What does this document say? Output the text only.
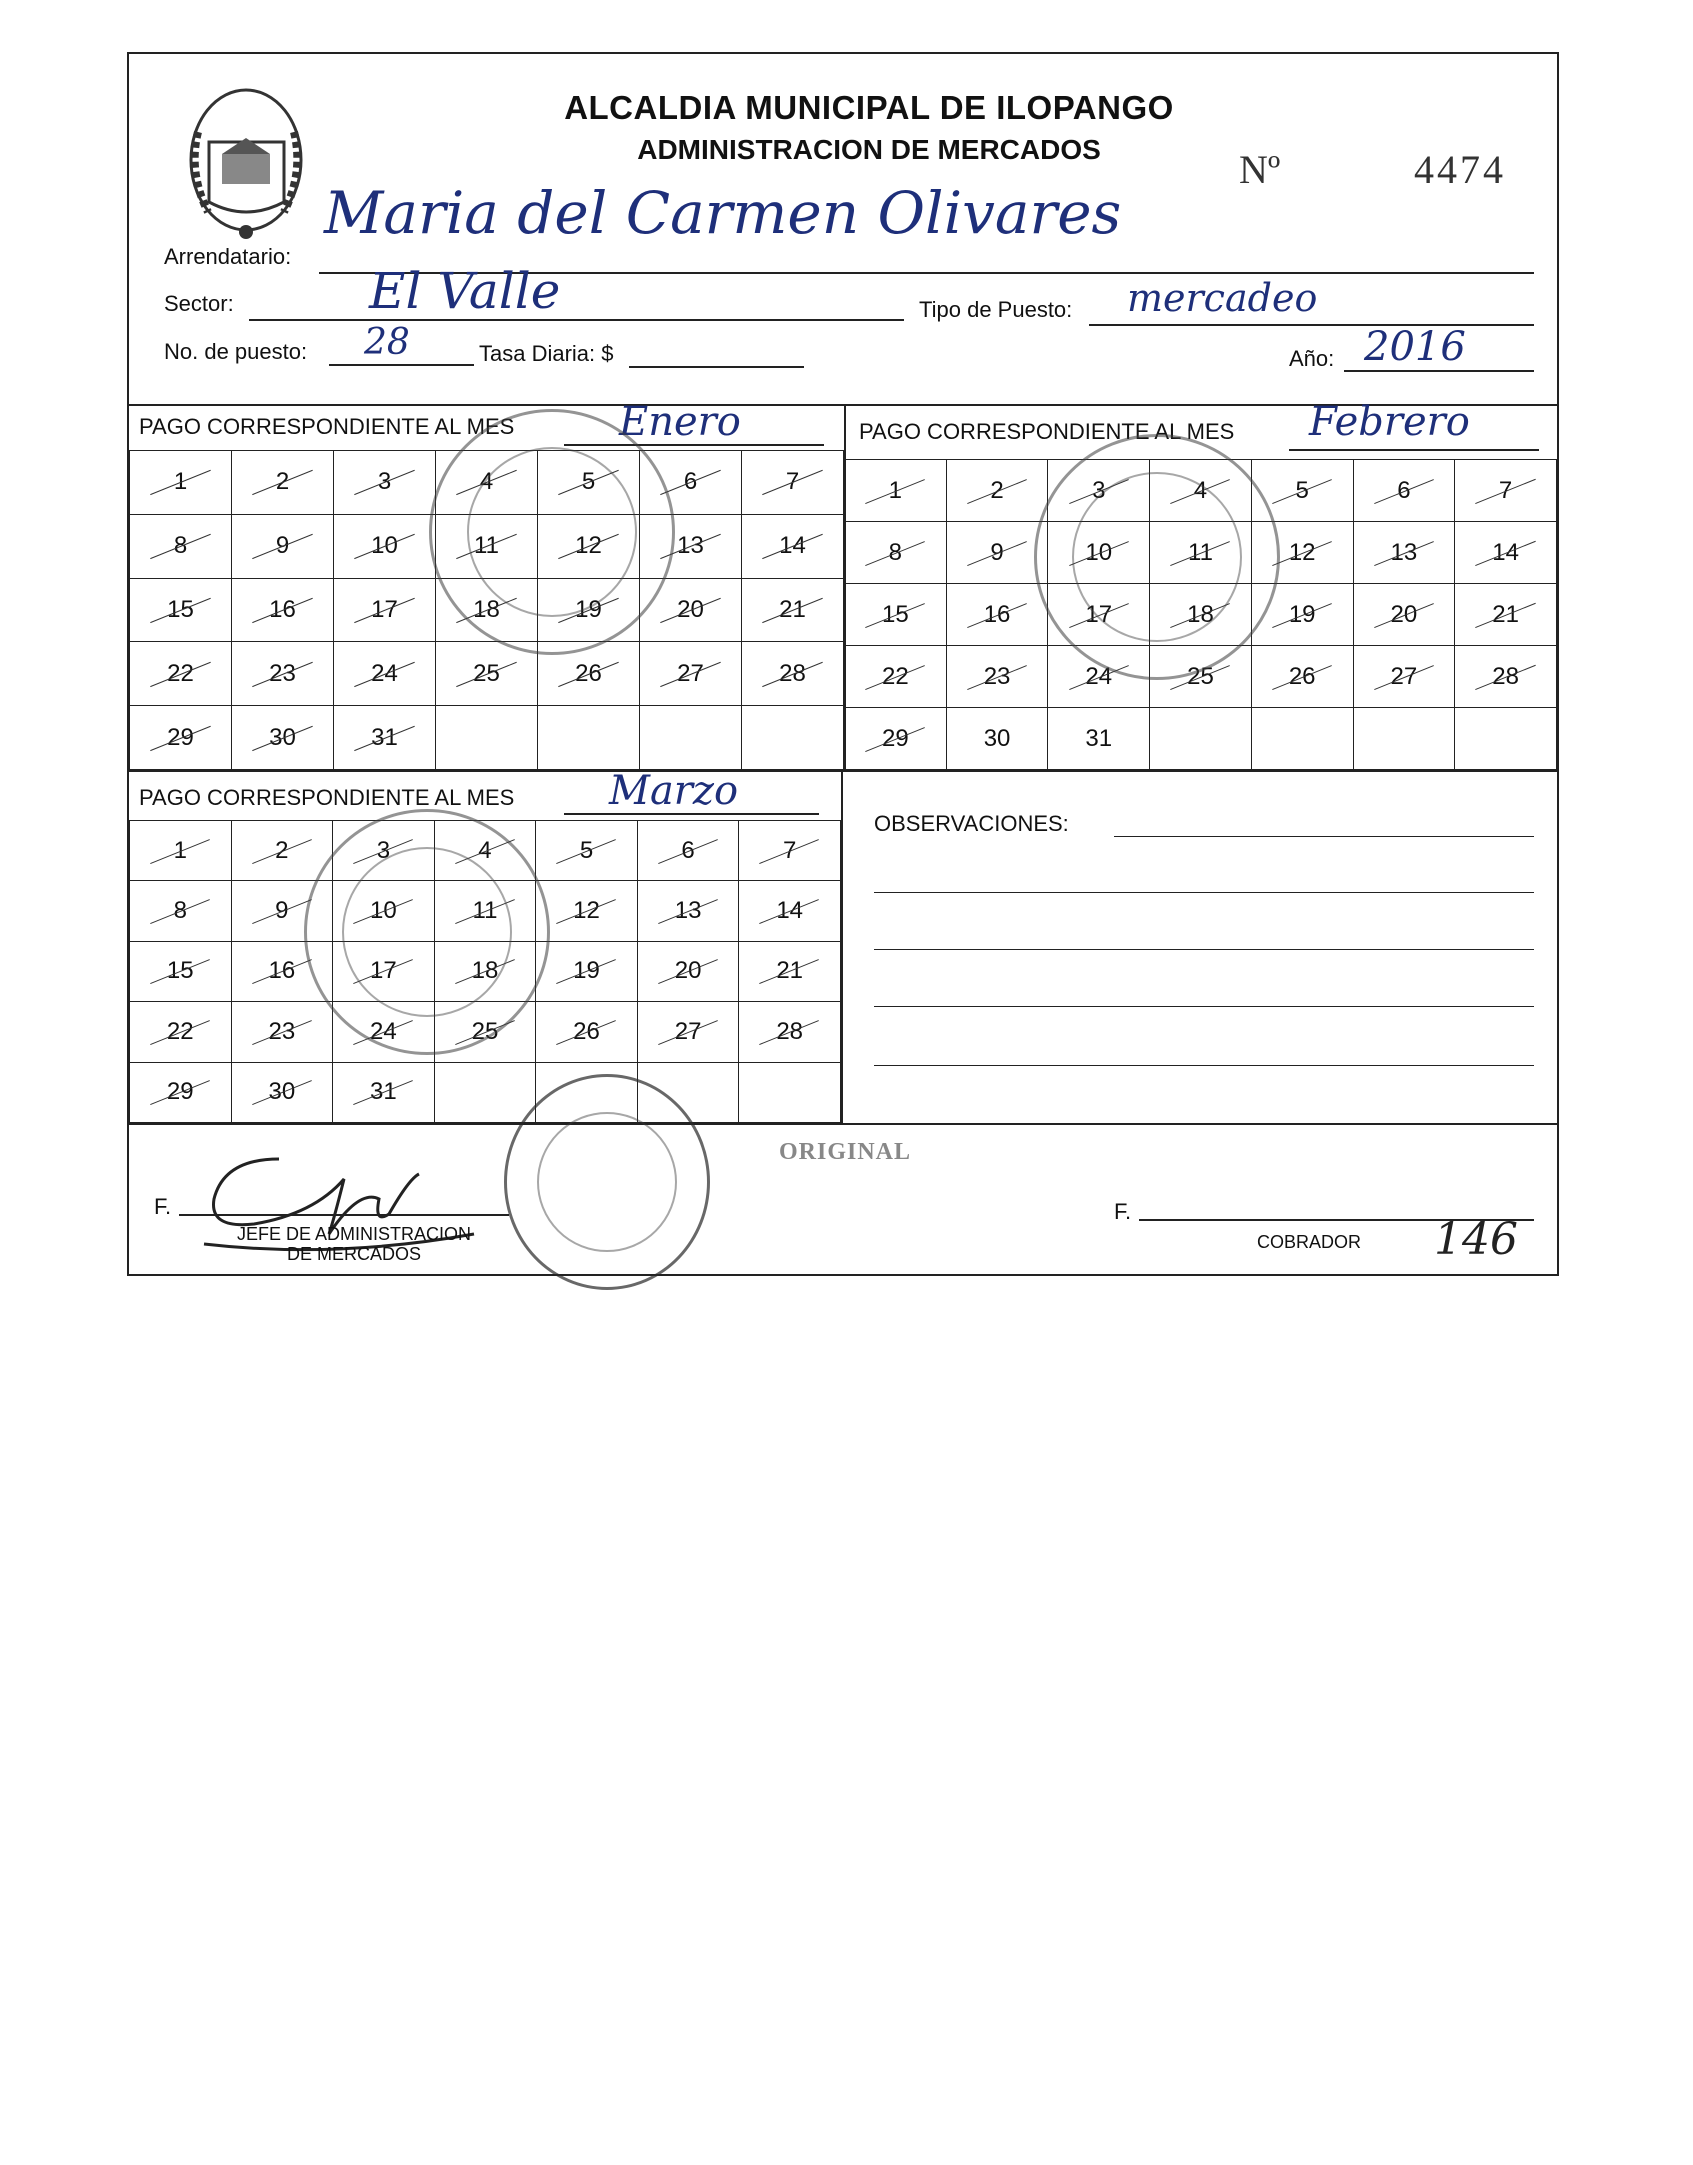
ALCALDIA MUNICIPAL DE ILOPANGO
ADMINISTRACION DE MERCADOS	Nº	4474
Arrendatario:
Maria del Carmen Olivares
Sector:	El Valle	Tipo de Puesto: mercadeo
No. de puesto: 28	Tasa Diaria: $	Año: 2016
PAGO CORRESPONDIENTE AL MES	Enero
1	2	3	4	5	6	7
8	9	10	11	12	13	14
15	16	17	18	19	20	21
22	23	24	25	26	27	28
29	30	31				
PAGO CORRESPONDIENTE AL MES Febrero
1	2	3	4	5	6	7
8	9	10	11	12	13	14
15	16	17	18	19	20	21
22	23	24	25	26	27	28
29	30	31				
PAGO CORRESPONDIENTE AL MES Marzo
1	2	3	4	5	6	7
8	9	10	11	12	13	14
15	16	17	18	19	20	21
22	23	24	25	26	27	28
29	30	31				
OBSERVACIONES:
ORIGINAL
F.
JEFE DE ADMINISTRACION
DE MERCADOS
F.
COBRADOR	146
